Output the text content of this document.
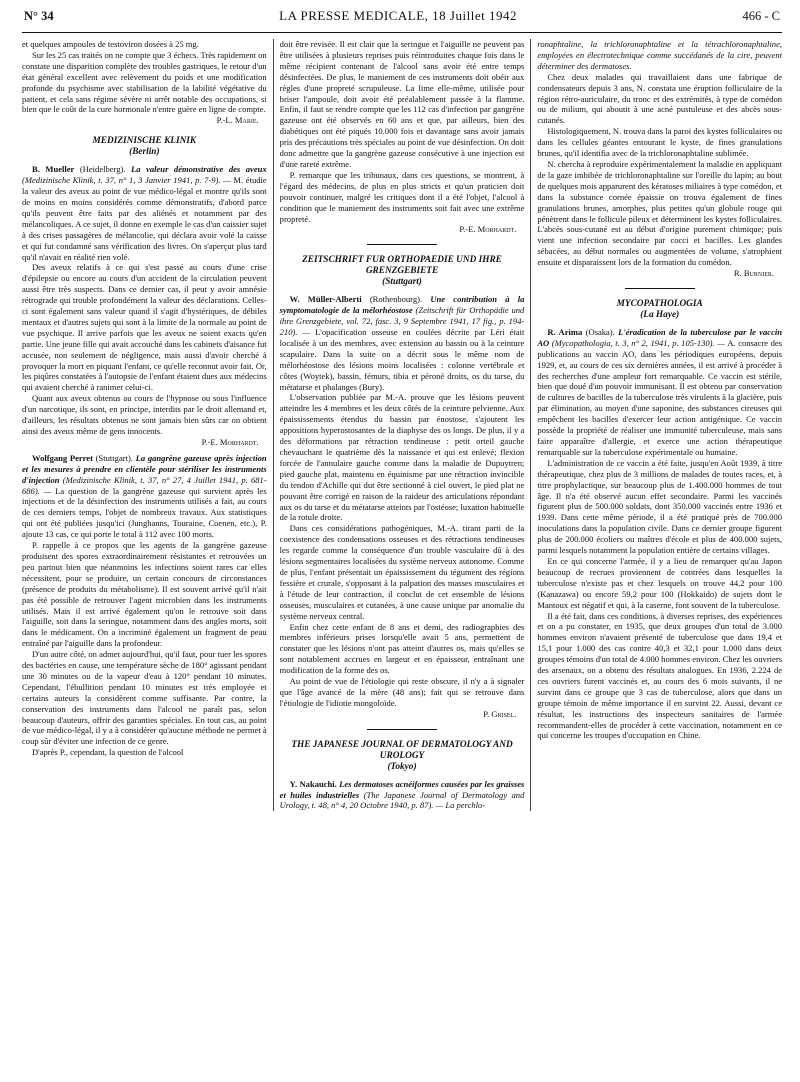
N° 34	LA PRESSE MEDICALE, 18 Juillet 1942	466 - C

et quelques ampoules de testoviron dosées à 25 mg.

Sur les 25 cas traités on ne compte que 3 échecs. Très rapidement on constate une disparition complète des troubles gastriques, le retour d'un état général excellent avec relèvement du poids et une modification profonde du psychisme avec stabilisation de la labilité végétative du patient, et cela sans régime sévère ni arrêt notable des occupations, si bien que le coût de la cure hormonale n'entre guère en ligne de compte.

P.-L. Marie.
MEDIZINISCHE KLINIK
(Berlin)

B. Mueller (Heidelberg). La valeur démonstrative des aveux (Medizinische Klinik, t. 37, n° 1, 3 Janvier 1941, p. 7-9). — M. étudie la valeur des aveux au point de vue médico-légal et montre qu'ils sont de moins en moins considérés comme démonstratifs, d'abord parce qu'ils peuvent être faits par des aliénés et notamment par des mélancoliques. A ce sujet, il donne en exemple le cas d'un caissier sujet à des crises passagères de mélancolie, qui déclara avoir volé la caisse et qui fut condamné sans vérification des livres. On s'aperçut plus tard qu'il n'avait en réalité rien volé.

Des aveux relatifs à ce qui s'est passé au cours d'une crise d'épilepsie ou encore au cours d'un accident de la circulation peuvent aussi être très suspects. Dans ce dernier cas, il peut y avoir amnésie rétrograde qui trouble profondément la valeur des déclarations. Celles-ci sont également sans valeur quand il s'agit d'hystériques, de débiles mentaux et d'autres sujets qui sont à la limite de la normale au point de vue psychique. Il arrive parfois que les aveux ne soient exacts qu'en partie. Une jeune fille qui avait accouché dans les cabinets d'aisance fut accusée, non seulement de négligence, mais aussi d'avoir cherché à provoquer la mort en piquant l'enfant, ce qu'elle reconnut avoir fait. Or, les piqûres constatées à l'autopsie de l'enfant étaient dues aux médecins qui avaient cherché à ranimer celui-ci.

Quant aux aveux obtenus au cours de l'hypnose ou sous l'influence d'un narcotique, ils sont, en principe, interdits par le droit allemand et, d'ailleurs, les résultats obtenus ne sont jamais bien sûrs car on obtient ainsi des aveux même de gens innocents.

P.-E. Morhardt.

Wolfgang Perret (Stuttgart). La gangrène gazeuse après injection et les mesures à prendre en clientèle pour stériliser les instruments d'injection (Medizinische Klinik, t. 37, n° 27, 4 Juillet 1941, p. 681-686). — La question de la gangrène gazeuse qui survient après les injections et de la désinfection des instruments utilisés a fait, au cours de ces derniers temps, l'objet de nombreux travaux. Aux statistiques qui ont été publiées jusqu'ici (Junghanns, Touraine, Coenen, etc.), P. ajoute 13 cas, ce qui porte le total à 112 avec 100 morts.

P. rappelle à ce propos que les agents de la gangrène gazeuse produisent des spores extraordinairement résistantes et retrouvées un peu partout bien que néanmoins les infections soient rares car elles nécessitent, pour se produire, un certain concours de circonstances (présence de produits du métabolisme). Il est souvent arrivé qu'il n'ait pas été possible de retrouver l'agent microbien dans les instruments utilisés. Mais il est arrivé également qu'on le retrouve soit dans l'aiguille, soit dans la seringue, notamment dans des angles morts, soit dans le médicament. On a incriminé également un fragment de peau entraîné par l'aiguille dans la profondeur.

D'un autre côté, on admet aujourd'hui, qu'il faut, pour tuer les spores des bactéries en cause, une température sèche de 180° agissant pendant une 30 minutes ou de la vapeur d'eau à 120° pendant 10 minutes. Cependant, l'ébullition pendant 10 minutes est très employée et certains auteurs la considèrent comme suffisante. Par contre, la conservation des instruments dans l'alcool ne paraît pas, selon beaucoup d'auteurs, offrir des garanties spéciales. En tout cas, au point de vue médico-légal, il y a à considérer qu'aucune méthode ne permet à coup sûr d'éviter une infection de ce genre.

D'après P., cependant, la question de l'alcool

doit être revisée. Il est clair que la seringue et l'aiguille ne peuvent pas être utilisées à plusieurs reprises puis réintroduites chaque fois dans le même récipient contenant de l'alcool sans avoir été entre temps désinfectées. De plus, le maniement de ces instruments doit obéir aux règles d'une propreté scrupuleuse. La lime elle-même, utilisée pour briser l'ampoule, doit avoir été préalablement passée à la flamme. Enfin, il faut se rendre compte que les 112 cas d'infection par gangrène gazeuse ont été observés en 60 ans et que, par ailleurs, bien des diabétiques ont été piqués 10.000 fois et davantage sans avoir jamais pris des précautions très spéciales au point de vue désinfection. On doit donc admettre que la gangrène gazeuse consécutive à une injection est d'une rareté extrême.

P. remarque que les tribunaux, dans ces questions, se montrent, à l'égard des médecins, de plus en plus stricts et qu'un praticien doit pouvoir continuer, malgré les critiques dont il a été l'objet, l'alcool à condition que le maniement des instruments soit fait avec une extrême propreté.

P.-E. Morhardt.
ZEITSCHRIFT FUR ORTHOPAEDIE UND IHRE GRENZGEBIETE
(Stuttgart)

W. Müller-Alberti (Rothenbourg). Une contribution à la symptomatologie de la mélorhéostose (Zeitschrift für Orthopädie und ihre Grenzgebiete, vol. 72, fasc. 3, 9 Septembre 1941, 17 fig., p. 194-210). — L'opacification osseuse en coulées décrite par Léri était localisée à un des membres, avec extension au bassin ou à la ceinture scapulaire. Dans la suite on a décrit sous le même nom de mélorhéostose des lésions moins localisées : colonne vertébrale et côtes (Woytek), bassin, fémurs, tibia et péroné droits, os du tarse, du métatarse et phalanges (Bury).

L'observation publiée par M.-A. prouve que les lésions peuvent atteindre les 4 membres et les deux côtés de la ceinture pelvienne. Aux épaississements étendus du bassin par énostose, s'ajoutent les appositions hyperostosantes de la diaphyse des os longs. De plus, il y a des déformations par rétraction tendineuse : petit orteil gauche chevauchant le quatrième dès la naissance et qui est enlevé; flexion forcée de l'annulaire gauche comme dans la maladie de Dupuytren; pied gauche plat, maintenu en équinisme par une rétraction invincible du tendon d'Achille qui dut être sectionné à ciel ouvert, le pied plat ne pouvant être corrigé en raison de la raideur des articulations répondant aux os du tarse et du métatarse atteints par l'ostéose; luxation habituelle de la rotule droite.

Dans ces considérations pathogéniques, M.-A. tirant parti de la coexistence des condensations osseuses et des rétractions tendineuses les regarde comme la conséquence d'un trouble vasculaire dû à des lésions segmentaires localisées du système nerveux autonome. Comme de plus, l'enfant présentait un épaississement du tégument des régions fessière et crurale, s'opposant à la palpation des masses musculaires et à l'étude de leur contraction, il conclut de cet ensemble de lésions osseuses, musculaires et cutanées, à une cause unique par anomalie du système nerveux central.

Enfin chez cette enfant de 8 ans et demi, des radiographies des membres inférieurs prises lorsqu'elle avait 5 ans, permettent de constater que les lésions n'ont pas atteint d'autres os, mais qu'elles se sont notablement accrues en largeur et en épaisseur, entraînant une modification de la forme des os.

Au point de vue de l'étiologie qui reste obscure, il n'y a à signaler que l'âge avancé de la mère (48 ans); fait qui se retrouve dans l'étiologie de l'idiotie mongoloïde.

P. Grisel.
THE JAPANESE JOURNAL OF DERMATOLOGY AND UROLOGY
(Tokyo)

Y. Nakauchi. Les dermatoses acnéiformes causées par les graisses et huiles industrielles (The Japanese Journal of Dermatology and Urology, t. 48, n° 4, 20 Octobre 1940, p. 87). — La perchlo-

ronaphtaline, la trichloronaphtaline et la tétrachloronaphtaline, employées en électrotechnique comme succédanés de la cire, peuvent déterminer des dermatoses.

Chez deux malades qui travaillaient dans une fabrique de condensateurs depuis 3 ans, N. constata une éruption folliculaire de la région rétro-auriculaire, du tronc et des extrémités, à type de comédon ou de milium, qui aboutit à une acné pustuleuse et des abcès sous-cutanés.

Histologiquement, N. trouva dans la paroi des kystes folliculaires ou dans les cellules géantes entourant le kyste, de fines granulations brunes, qu'il identifia avec de la trichloronaphtaline sublimée.

N. chercha à reproduire expérimentalement la maladie en appliquant de la gaze imbibée de trichloronaphtaline sur l'oreille du lapin; au bout de quelques mois apparurent des kératoses miliaires à type comédon, et dans la substance cornée épaissie on trouva également de fines granulations brunes, amorphes, plus petites qu'un globule rouge qui pénètrent dans le follicule pileux et déterminent les kystes folliculaires. L'abcès sous-cutané est au début d'origine purement chimique; puis vient une infection secondaire par cocci et bacilles. Les glandes sébacées, au début normales ou augmentées de volume, s'atrophient ensuite et disparaissent lors de la formation du comédon.

R. Burnier.
MYCOPATHOLOGIA
(La Haye)

R. Arima (Osaka). L'éradication de la tuberculose par le vaccin AO (Mycopathologia, t. 3, n° 2, 1941, p. 105-130). — A. consacre des publications au vaccin AO, dans les périodiques européens, depuis 1929, et, au cours de ces six dernières années, il est arrivé à procéder à des recherches d'une ampleur fort remarquable. Ce vaccin est stérile, bien que doué d'un pouvoir immunisant. Il est obtenu par conservation de cultures de bacilles de la tuberculose très virulents à la glacière, puis par élimination, au moyen d'une saponine, des substances cireuses qui empêchent les bacilles d'exercer leur action antigénique. Ce vaccin possède la propriété de réaliser une immunité tuberculeuse, mais sans faire apparaître d'allergie, et exerce une action thérapeutique remarquable sur la tuberculose expérimentale ou humaine.

L'administration de ce vaccin a été faite, jusqu'en Août 1939, à titre thérapeutique, chez plus de 3 millions de malades de toutes races, et, à titre prophylactique, sur beaucoup plus de 1.400.000 hommes de tout âge. Il n'a été observé aucun effet secondaire. Parmi les vaccinés figurent plus de 500.000 soldats, dont 350.000 vaccinés entre 1936 et 1939. Dans cette même période, il a été pratiqué près de 700.000 inoculations dans la population civile. Dans ce dernier groupe figurent plus de 200.000 écoliers ou maîtres d'école et plus de 400.000 sujets, parmi lesquels notamment la population entière de certains villages.

En ce qui concerne l'armée, il y a lieu de remarquer qu'au Japon beaucoup de recrues proviennent de contrées dans lesquelles la tuberculose n'existe pas et chez lesquels on trouve 44,2 pour 100 (Kanazawa) ou encore 59,2 pour 100 (Hokkaido) de sujets dont le Mantoux est négatif et qui, à la caserne, font souvent de la tuberculose.

Il a été fait, dans ces conditions, à diverses reprises, des expériences et on a pu constater, en 1935, que deux groupes d'un total de 3.000 hommes environ n'avaient présenté de tuberculose que dans 19,4 et 15,1 pour 1.000 des cas contre 40,3 et 32,1 pour 1.000 dans deux groupes témoins d'un total de 4.000 hommes environ. Chez les ouvriers des arsenaux, on a obtenu des résultats analogues. En 1936, 2.224 de ces ouvriers furent vaccinés et, au cours des 6 mois suivants, il ne survint dans ce groupe que 3 cas de tuberculose, alors que dans un groupe témoin de même importance il en survint 22. Aussi, devant ce résultat, les instructions des inspecteurs sanitaires de l'armée recommandent-elles de procéder à cette vaccination, notamment en ce qui concerne les troupes d'occupation en Chine.
